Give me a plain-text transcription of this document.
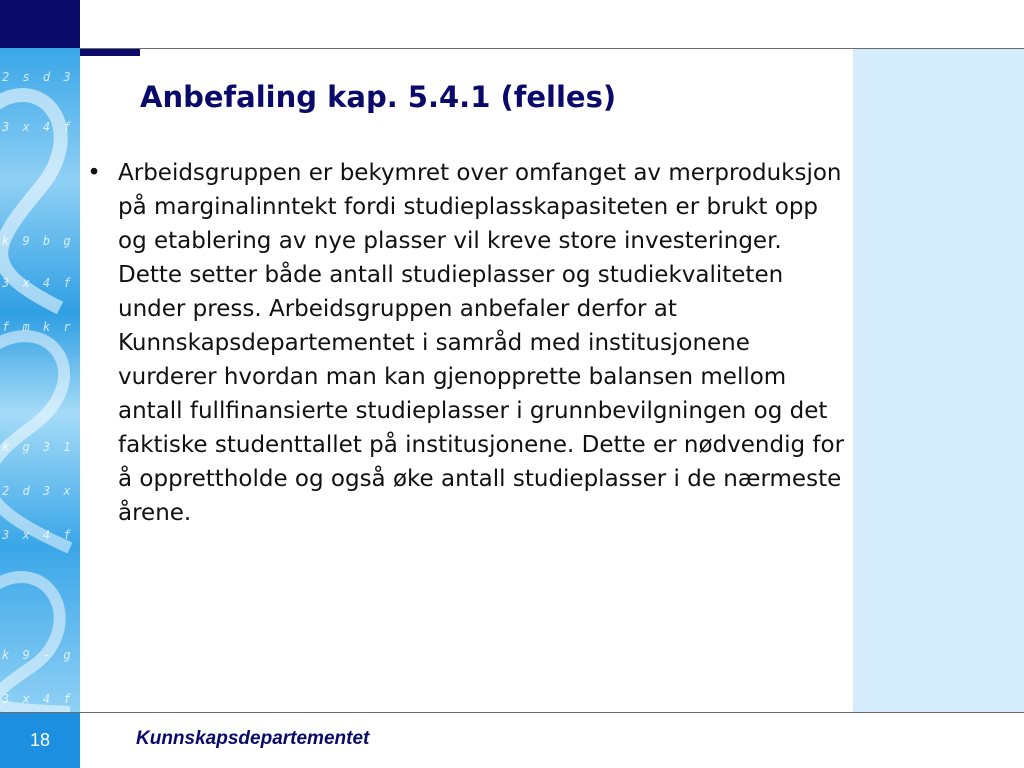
2 s d 3 x 4
3 x 4 f m k
k 9 b g p 2
3 x 4 f m k
f m k r - 7 y
k g 3 1
2 d 3 x 4
3 x 4 f m k
k 9 - g p 2
3 x 4 f m k
Anbefaling kap. 5.4.1 (felles)
• Arbeidsgruppen er bekymret over omfanget av merproduksjon på marginalinntekt fordi studieplasskapasiteten er brukt opp og etablering av nye plasser vil kreve store investeringer. Dette setter både antall studieplasser og studiekvaliteten under press. Arbeidsgruppen anbefaler derfor at Kunnskapsdepartementet i samråd med institusjonene vurderer hvordan man kan gjenopprette balansen mellom antall fullfinansierte studieplasser i grunnbevilgningen og det faktiske studenttallet på institusjonene. Dette er nødvendig for å opprettholde og også øke antall studieplasser i de nærmeste årene.
18	Kunnskapsdepartementet
